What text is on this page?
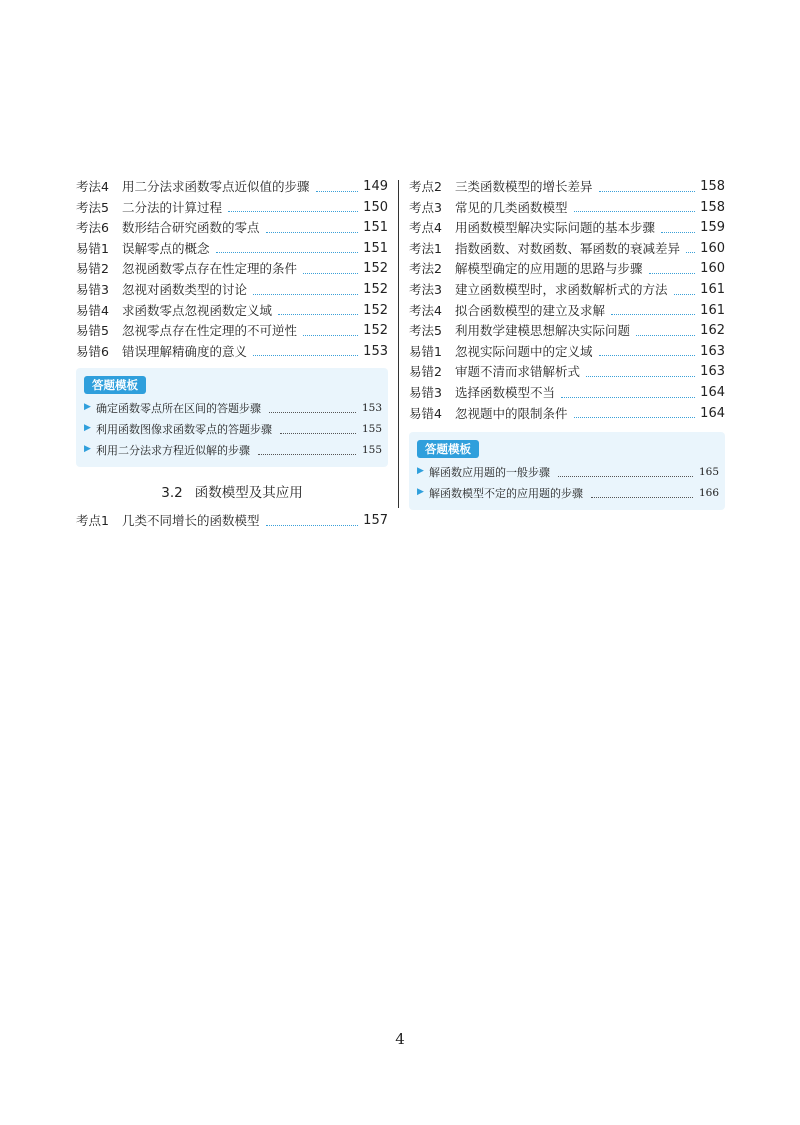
考法4	用二分法求函数零点近似值的步骤	149
考法5	二分法的计算过程	150
考法6	数形结合研究函数的零点	151
易错1	误解零点的概念	151
易错2	忽视函数零点存在性定理的条件	152
易错3	忽视对函数类型的讨论	152
易错4	求函数零点忽视函数定义域	152
易错5	忽视零点存在性定理的不可逆性	152
易错6	错误理解精确度的意义	153
答题模板
▶ 确定函数零点所在区间的答题步骤	153
▶ 利用函数图像求函数零点的答题步骤	155
▶ 利用二分法求方程近似解的步骤	155
3.2 函数模型及其应用
考点1	几类不同增长的函数模型	157
考点2	三类函数模型的增长差异	158
考点3	常见的几类函数模型	158
考点4	用函数模型解决实际问题的基本步骤	159
考法1	指数函数、对数函数、幂函数的衰减差异 160
考法2	解模型确定的应用题的思路与步骤	160
考法3	建立函数模型时，求函数解析式的方法	161
考法4	拟合函数模型的建立及求解	161
考法5	利用数学建模思想解决实际问题	162
易错1	忽视实际问题中的定义域	163
易错2	审题不清而求错解析式	163
易错3	选择函数模型不当	164
易错4	忽视题中的限制条件	164
答题模板
▶ 解函数应用题的一般步骤	165
▶ 解函数模型不定的应用题的步骤	166
4
